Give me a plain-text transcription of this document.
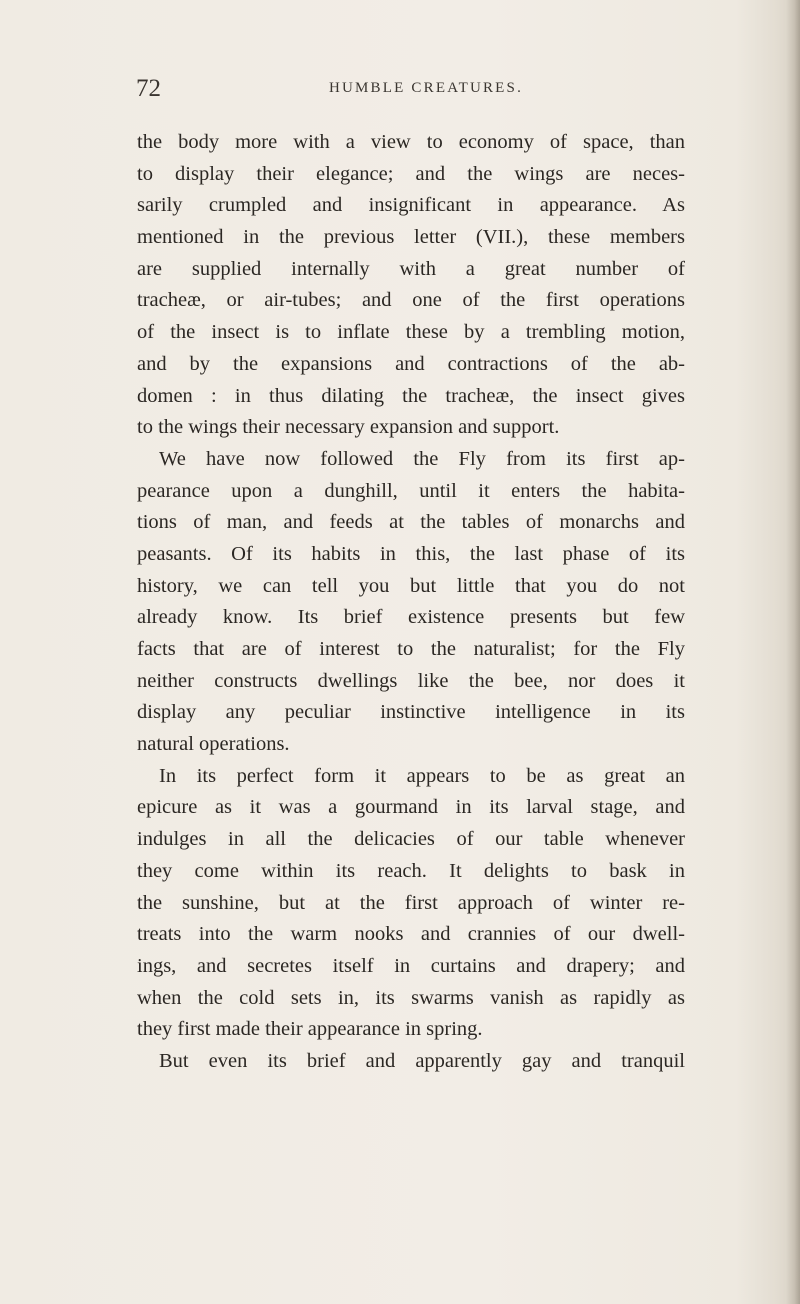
72	HUMBLE CREATURES.
the body more with a view to economy of space, than
to display their elegance; and the wings are neces-
sarily crumpled and insignificant in appearance. As
mentioned in the previous letter (VII.), these members
are supplied internally with a great number of
tracheæ, or air-tubes; and one of the first operations
of the insect is to inflate these by a trembling motion,
and by the expansions and contractions of the ab-
domen : in thus dilating the tracheæ, the insect gives
to the wings their necessary expansion and support.
We have now followed the Fly from its first ap-
pearance upon a dunghill, until it enters the habita-
tions of man, and feeds at the tables of monarchs and
peasants. Of its habits in this, the last phase of its
history, we can tell you but little that you do not
already know. Its brief existence presents but few
facts that are of interest to the naturalist; for the Fly
neither constructs dwellings like the bee, nor does it
display any peculiar instinctive intelligence in its
natural operations.
In its perfect form it appears to be as great an
epicure as it was a gourmand in its larval stage, and
indulges in all the delicacies of our table whenever
they come within its reach. It delights to bask in
the sunshine, but at the first approach of winter re-
treats into the warm nooks and crannies of our dwell-
ings, and secretes itself in curtains and drapery; and
when the cold sets in, its swarms vanish as rapidly as
they first made their appearance in spring.
But even its brief and apparently gay and tranquil
